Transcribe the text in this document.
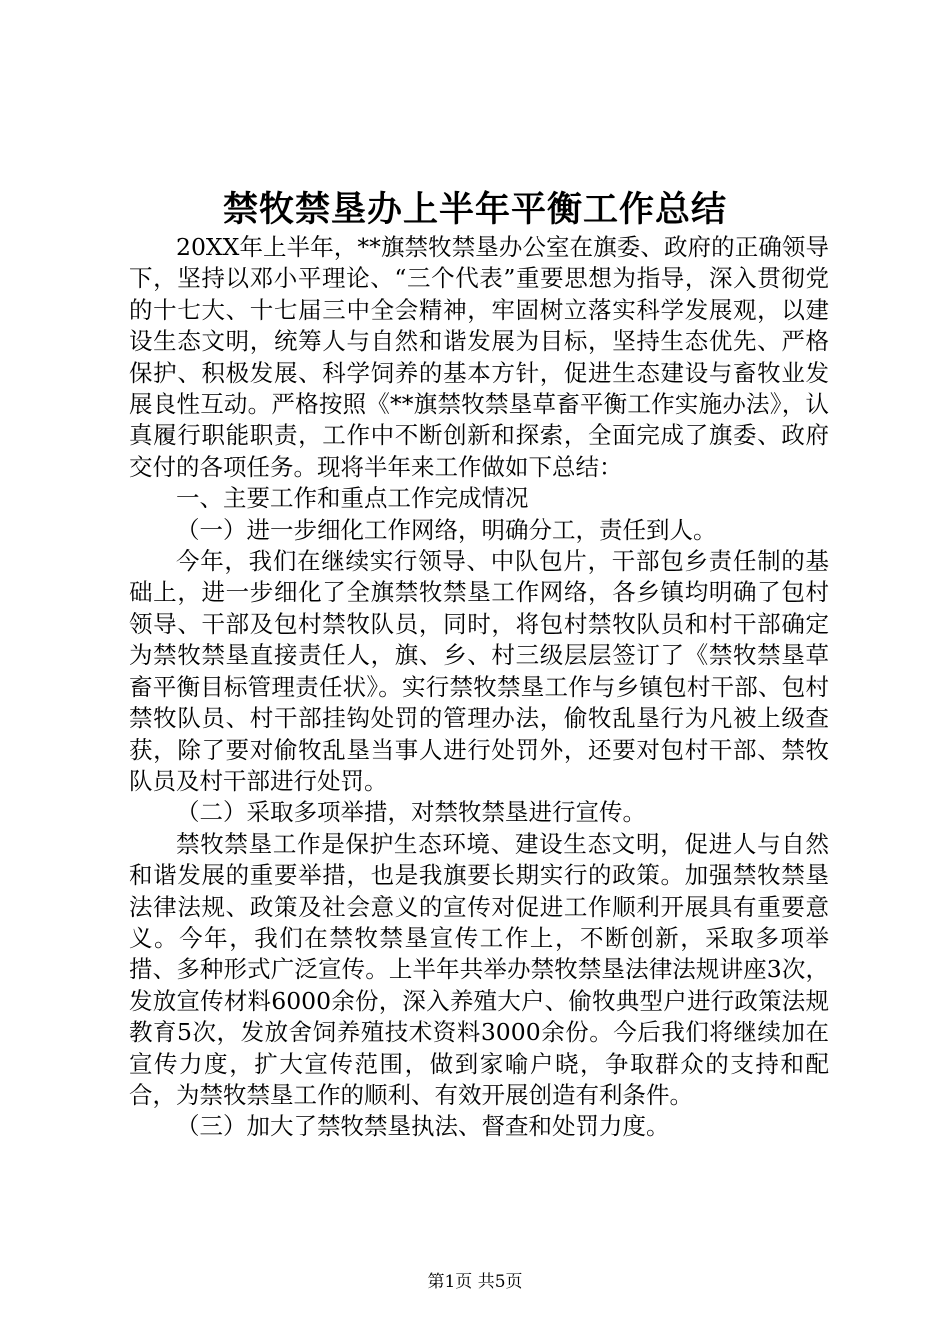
禁牧禁垦办上半年平衡工作总结

20XX年上半年，**旗禁牧禁垦办公室在旗委、政府的正确领导下，坚持以邓小平理论、“三个代表”重要思想为指导，深入贯彻党的十七大、十七届三中全会精神，牢固树立落实科学发展观，以建设生态文明，统筹人与自然和谐发展为目标，坚持生态优先、严格保护、积极发展、科学饲养的基本方针，促进生态建设与畜牧业发展良性互动。严格按照《**旗禁牧禁垦草畜平衡工作实施办法》，认真履行职能职责，工作中不断创新和探索，全面完成了旗委、政府交付的各项任务。现将半年来工作做如下总结：

一、主要工作和重点工作完成情况

（一）进一步细化工作网络，明确分工，责任到人。

今年，我们在继续实行领导、中队包片，干部包乡责任制的基础上，进一步细化了全旗禁牧禁垦工作网络，各乡镇均明确了包村领导、干部及包村禁牧队员，同时，将包村禁牧队员和村干部确定为禁牧禁垦直接责任人，旗、乡、村三级层层签订了《禁牧禁垦草畜平衡目标管理责任状》。实行禁牧禁垦工作与乡镇包村干部、包村禁牧队员、村干部挂钩处罚的管理办法，偷牧乱垦行为凡被上级查获，除了要对偷牧乱垦当事人进行处罚外，还要对包村干部、禁牧队员及村干部进行处罚。

（二）采取多项举措，对禁牧禁垦进行宣传。

禁牧禁垦工作是保护生态环境、建设生态文明，促进人与自然和谐发展的重要举措，也是我旗要长期实行的政策。加强禁牧禁垦法律法规、政策及社会意义的宣传对促进工作顺利开展具有重要意义。今年，我们在禁牧禁垦宣传工作上，不断创新，采取多项举措、多种形式广泛宣传。上半年共举办禁牧禁垦法律法规讲座3次，发放宣传材料6000余份，深入养殖大户、偷牧典型户进行政策法规教育5次，发放舍饲养殖技术资料3000余份。今后我们将继续加在宣传力度，扩大宣传范围，做到家喻户晓，争取群众的支持和配合，为禁牧禁垦工作的顺利、有效开展创造有利条件。

（三）加大了禁牧禁垦执法、督查和处罚力度。

第1页 共5页
